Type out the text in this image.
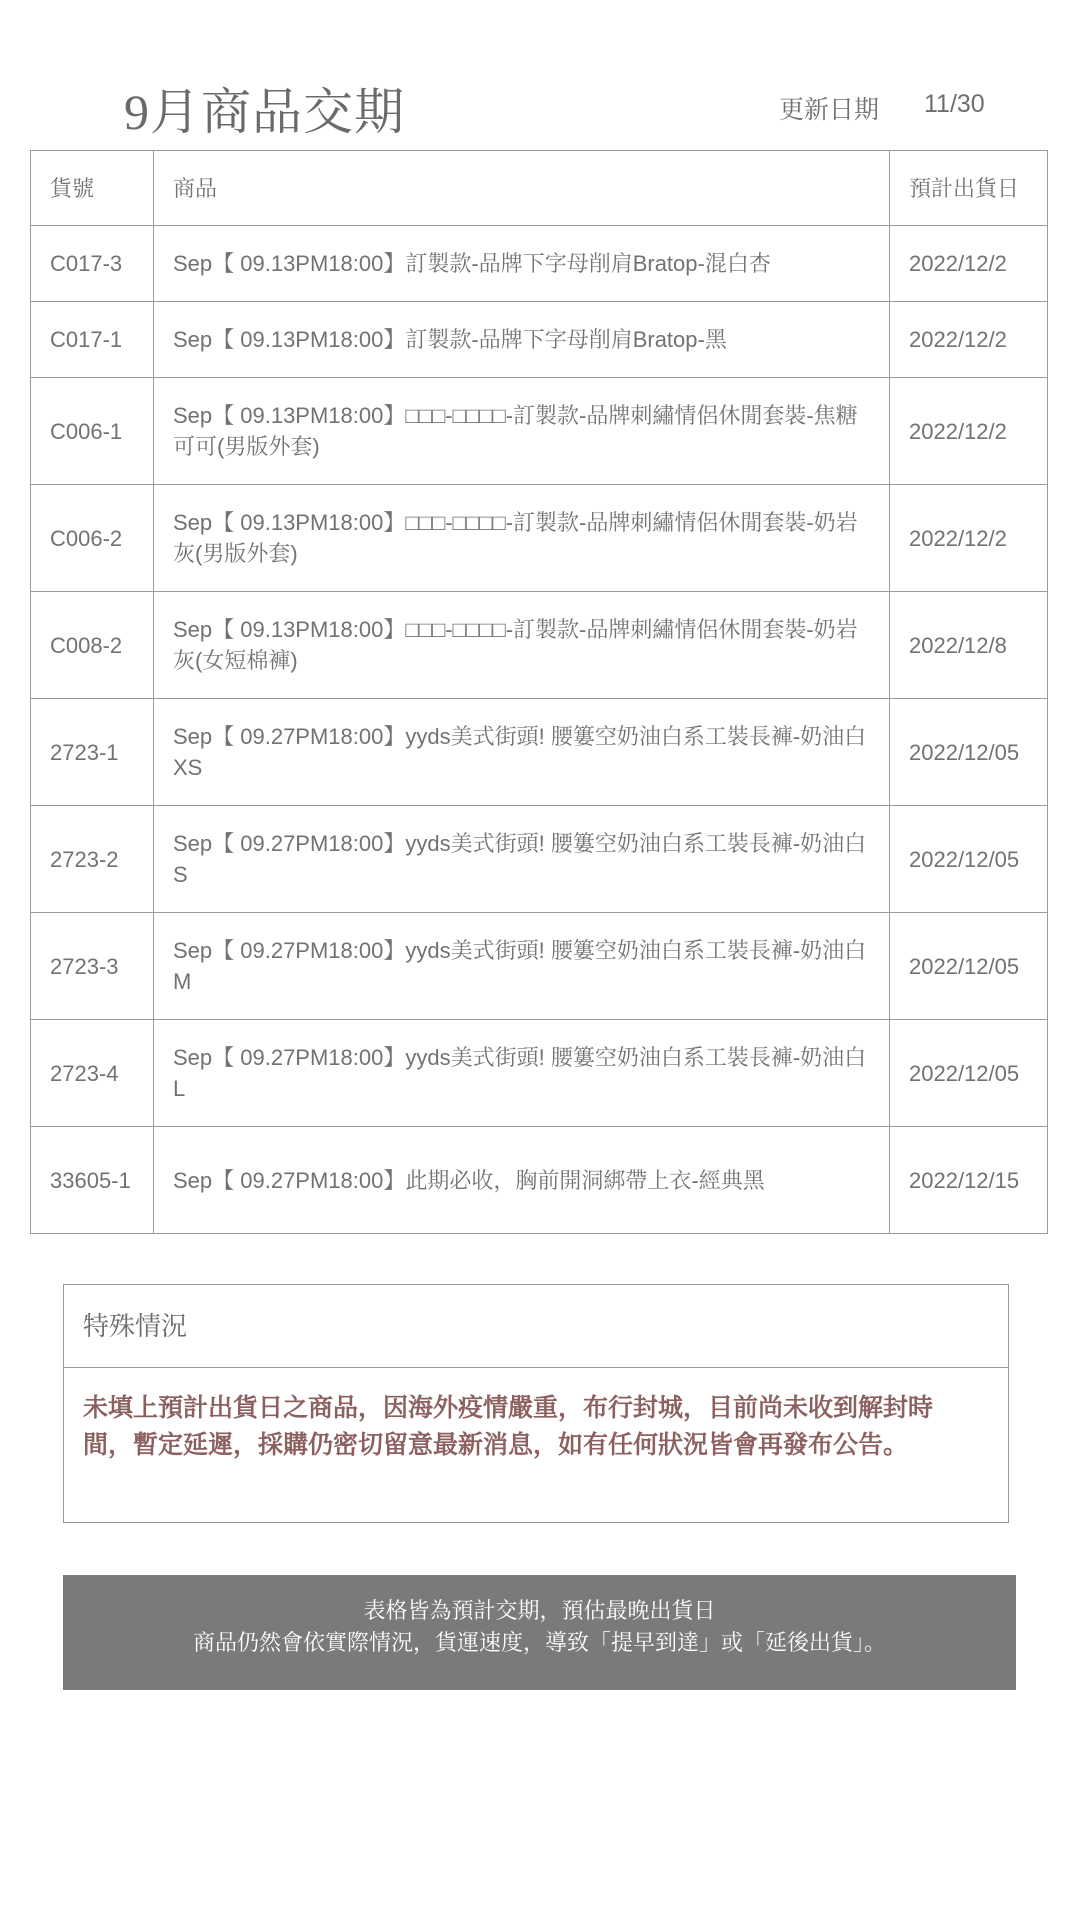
9月商品交期	更新日期 11/30
貨號	商品	預計出貨日
C017-3	Sep【 09.13PM18:00】訂製款-品牌下字母削肩Bratop-混白杏	2022/12/2
C017-1	Sep【 09.13PM18:00】訂製款-品牌下字母削肩Bratop-黑	2022/12/2
C006-1	Sep【 09.13PM18:00】□□□-□□□□-訂製款-品牌刺繡情侶休閒套裝-焦糖可可(男版外套)	2022/12/2
C006-2	Sep【 09.13PM18:00】□□□-□□□□-訂製款-品牌刺繡情侶休閒套裝-奶岩灰(男版外套)	2022/12/2
C008-2	Sep【 09.13PM18:00】□□□-□□□□-訂製款-品牌刺繡情侶休閒套裝-奶岩灰(女短棉褲)	2022/12/8
2723-1	Sep【 09.27PM18:00】yyds美式街頭! 腰簍空奶油白系工裝長褲-奶油白XS	2022/12/05
2723-2	Sep【 09.27PM18:00】yyds美式街頭! 腰簍空奶油白系工裝長褲-奶油白S	2022/12/05
2723-3	Sep【 09.27PM18:00】yyds美式街頭! 腰簍空奶油白系工裝長褲-奶油白M	2022/12/05
2723-4	Sep【 09.27PM18:00】yyds美式街頭! 腰簍空奶油白系工裝長褲-奶油白L	2022/12/05
33605-1	Sep【 09.27PM18:00】此期必收，胸前開洞綁帶上衣-經典黑	2022/12/15
特殊情況
未填上預計出貨日之商品，因海外疫情嚴重，布行封城，目前尚未收到解封時間，暫定延遲，採購仍密切留意最新消息，如有任何狀況皆會再發布公告。
表格皆為預計交期，預估最晚出貨日
商品仍然會依實際情況，貨運速度，導致「提早到達」或「延後出貨」。
